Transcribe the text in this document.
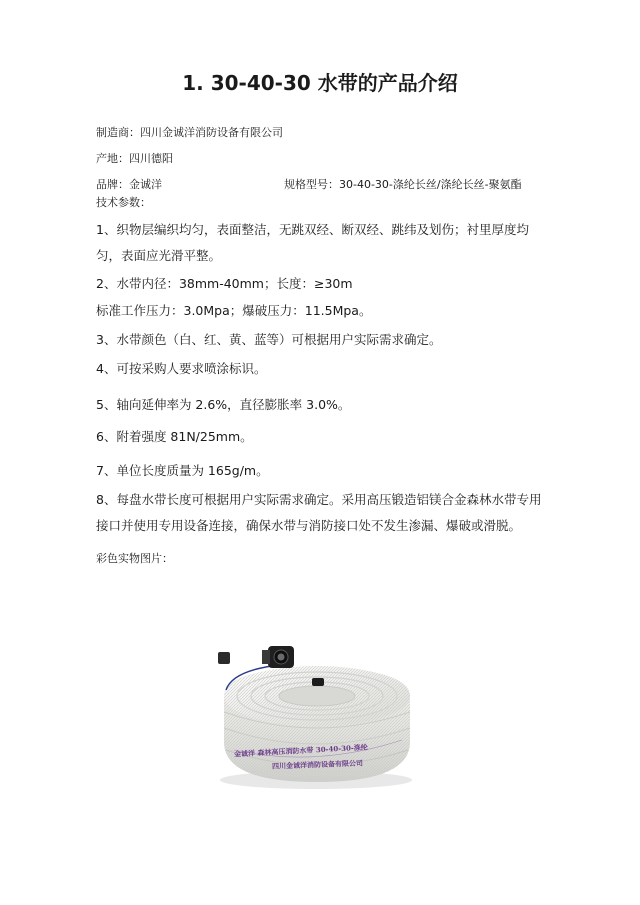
1. 30-40-30 水带的产品介绍
制造商：四川金诚洋消防设备有限公司
产地：四川德阳
品牌：金诚洋	规格型号：30-40-30-涤纶长丝/涤纶长丝-聚氨酯
技术参数：
1、织物层编织均匀，表面整洁，无跳双经、断双经、跳纬及划伤；衬里厚度均匀，表面应光滑平整。
2、水带内径：38mm-40mm；长度：≥30m
标准工作压力：3.0Mpa；爆破压力：11.5Mpa。
3、水带颜色（白、红、黄、蓝等）可根据用户实际需求确定。
4、可按采购人要求喷涂标识。
5、轴向延伸率为 2.6%，直径膨胀率 3.0%。
6、附着强度 81N/25mm。
7、单位长度质量为 165g/m。
8、每盘水带长度可根据用户实际需求确定。采用高压锻造铝镁合金森林水带专用接口并使用专用设备连接，确保水带与消防接口处不发生渗漏、爆破或滑脱。
彩色实物图片：
金诚洋 森林高压消防水带 30-40-30-涤纶
四川金诚洋消防设备有限公司
